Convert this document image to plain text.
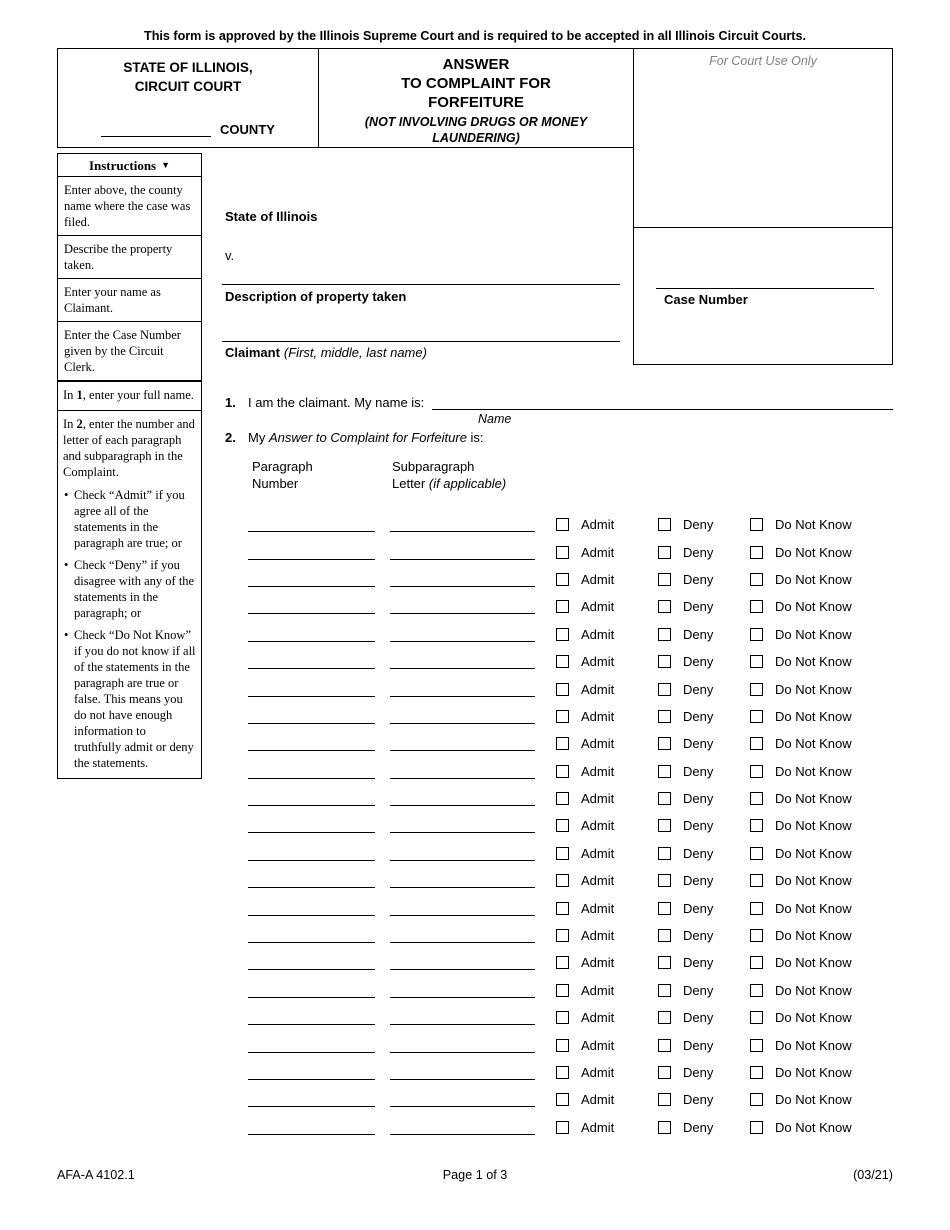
This form is approved by the Illinois Supreme Court and is required to be accepted in all Illinois Circuit Courts.
STATE OF ILLINOIS,
CIRCUIT COURT
COUNTY
ANSWER
TO COMPLAINT FOR
FORFEITURE
(NOT INVOLVING DRUGS OR MONEY LAUNDERING)
For Court Use Only
Case Number
Instructions ▼
Enter above, the county name where the case was filed.
Describe the property taken.
Enter your name as Claimant.
Enter the Case Number given by the Circuit Clerk.
State of Illinois
v.
Description of property taken
Claimant (First, middle, last name)
In 1, enter your full name.
In 2, enter the number and letter of each paragraph and subparagraph in the Complaint.
• Check “Admit” if you agree all of the statements in the paragraph are true; or
• Check “Deny” if you disagree with any of the statements in the paragraph; or
• Check “Do Not Know” if you do not know if all of the statements in the paragraph are true or false. This means you do not have enough information to truthfully admit or deny the statements.
1. I am the claimant. My name is:
Name
2. My Answer to Complaint for Forfeiture is:
Paragraph
Number
Subparagraph
Letter (if applicable)
Admit	Deny	Do Not Know
Admit	Deny	Do Not Know
Admit	Deny	Do Not Know
Admit	Deny	Do Not Know
Admit	Deny	Do Not Know
Admit	Deny	Do Not Know
Admit	Deny	Do Not Know
Admit	Deny	Do Not Know
Admit	Deny	Do Not Know
Admit	Deny	Do Not Know
Admit	Deny	Do Not Know
Admit	Deny	Do Not Know
Admit	Deny	Do Not Know
Admit	Deny	Do Not Know
Admit	Deny	Do Not Know
Admit	Deny	Do Not Know
Admit	Deny	Do Not Know
Admit	Deny	Do Not Know
Admit	Deny	Do Not Know
Admit	Deny	Do Not Know
Admit	Deny	Do Not Know
Admit	Deny	Do Not Know
Admit	Deny	Do Not Know
AFA-A 4102.1	Page 1 of 3	(03/21)
